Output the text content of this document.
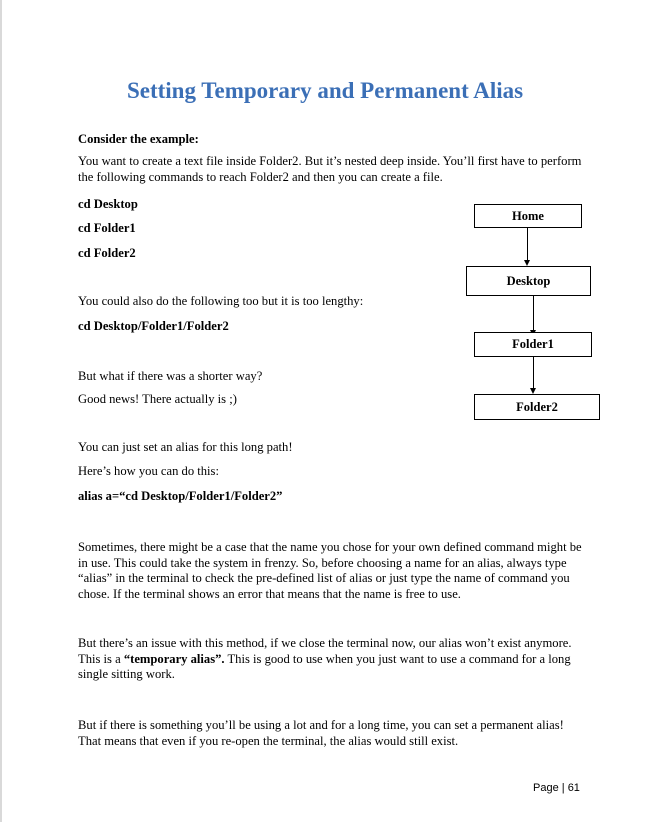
Setting Temporary and Permanent Alias
Consider the example:
You want to create a text file inside Folder2. But it’s nested deep inside. You’ll first have to perform the following commands to reach Folder2 and then you can create a file.
cd Desktop
cd Folder1
cd Folder2
You could also do the following too but it is too lengthy:
cd Desktop/Folder1/Folder2
But what if there was a shorter way?
Good news! There actually is ;)
You can just set an alias for this long path!
Here’s how you can do this:
alias a=“cd Desktop/Folder1/Folder2”
Sometimes, there might be a case that the name you chose for your own defined command might be in use. This could take the system in frenzy. So, before choosing a name for an alias, always type “alias” in the terminal to check the pre-defined list of alias or just type the name of command you chose. If the terminal shows an error that means that the name is free to use.
But there’s an issue with this method, if we close the terminal now, our alias won’t exist anymore. This is a “temporary alias”. This is good to use when you just want to use a command for a long single sitting work.
But if there is something you’ll be using a lot and for a long time, you can set a permanent alias! That means that even if you re-open the terminal, the alias would still exist.
Home
Desktop
Folder1
Folder2
Page | 61
